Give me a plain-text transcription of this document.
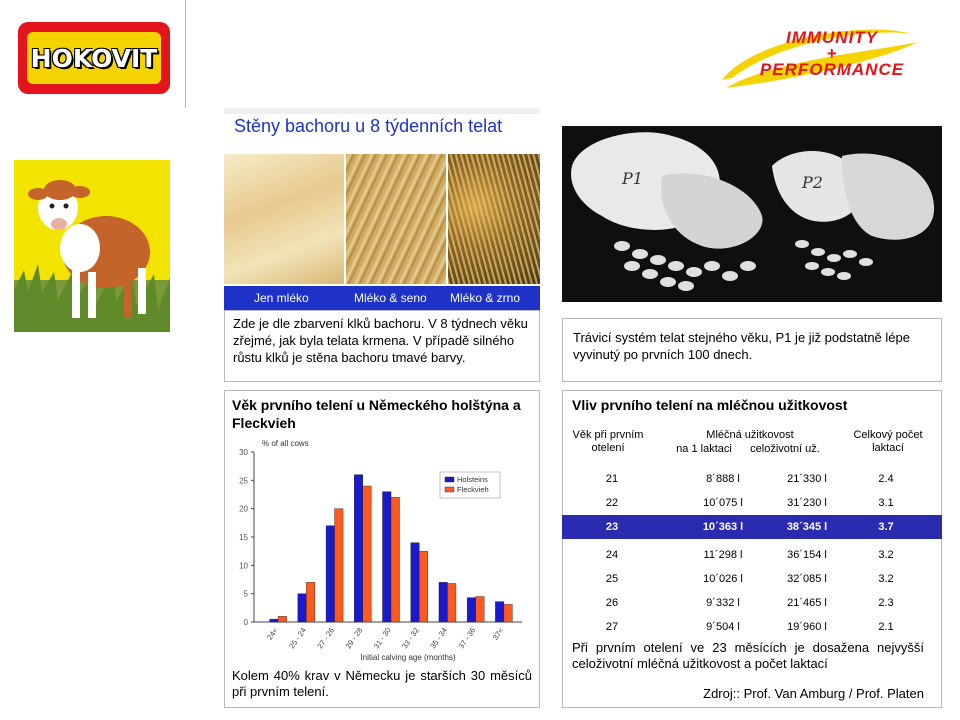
HOKOVIT
IMMUNITY
+
PERFORMANCE
Stěny bachoru u 8 týdenních telat
Jen mléko	Mléko & seno Mléko & zrno
Zde je dle zbarvení klků bachoru. V 8 týdnech věku zřejmé, jak byla telata krmena. V případě silného růstu klků je stěna bachoru tmavé barvy.
P1	P2
Trávicí systém telat stejného věku, P1 je již podstatně lépe vyvinutý po prvních 100 dnech.
Věk prvního telení u Německého holštýna a Fleckvieh
0
5
10
15
20
25
30
% of all cows
24< 25 - 24 27 - 26 29 - 28 31 - 30 33 - 32 35 - 34 37 - 36 37<
Initial calving age (months)
Holsteins
Fleckvieh
Kolem 40% krav v Německu je starších 30 měsíců při prvním telení.
Vliv prvního telení na mléčnou užitkovost
Věk při prvním otelení
Mléčná užitkovost
na 1 laktaci	celoživotní už.
Celkový počet laktací
21	8´888 l	21´330 l	2.4
22	10´075 l	31´230 l	3.1
23	10´363 l	38´345 l	3.7
24	11´298 l	36´154 l	3.2
25	10´026 l	32´085 l	3.2
26	9´332 l	21´465 l	2.3
27	9´504 l	19´960 l	2.1
Při prvním otelení ve 23 měsících je dosažena nejvyšší celoživotní mléčná užitkovost a počet laktací
Zdroj:: Prof. Van Amburg / Prof. Platen
